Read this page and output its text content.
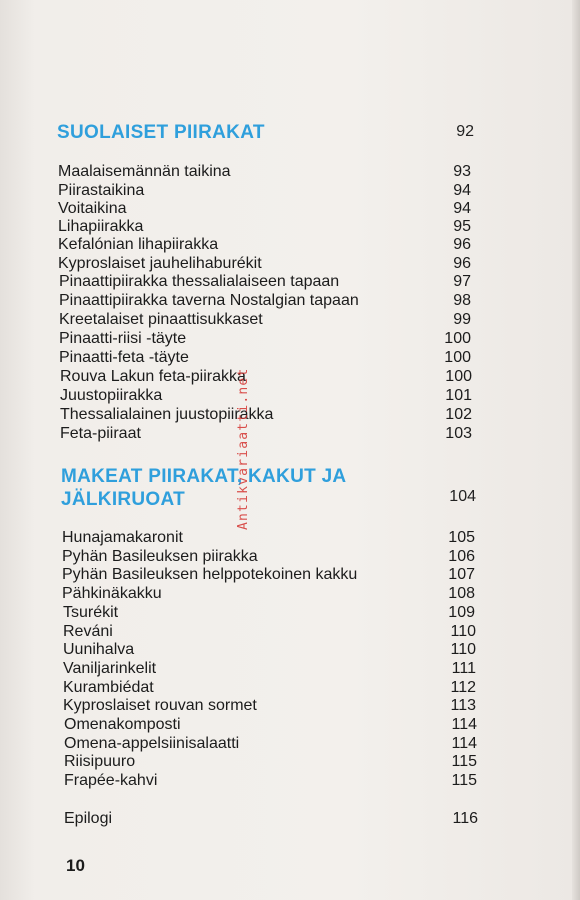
SUOLAISET PIIRAKAT	92
Maalaisemännän taikina	93
Piirastaikina	94
Voitaikina	94
Lihapiirakka	95
Kefalónian lihapiirakka	96
Kyproslaiset jauhelihaburékit	96
Pinaattipiirakka thessalialaiseen tapaan	97
Pinaattipiirakka taverna Nostalgian tapaan	98
Kreetalaiset pinaattisukkaset	99
Pinaatti-riisi -täyte	100
Pinaatti-feta -täyte	100
Rouva Lakun feta-piirakka	100
Juustopiirakka	101
Thessalialainen juustopiirakka	102
Feta-piiraat	103
MAKEAT PIIRAKAT, KAKUT JA
JÄLKIRUOAT	104
Hunajamakaronit	105
Pyhän Basileuksen piirakka	106
Pyhän Basileuksen helppotekoinen kakku	107
Pähkinäkakku	108
Tsurékit	109
Reváni	110
Uunihalva	110
Vaniljarinkelit	111
Kurambiédat	112
Kyproslaiset rouvan sormet	113
Omenakomposti	114
Omena-appelsiinisalaatti	114
Riisipuuro	115
Frapée-kahvi	115
Epilogi	116
10
Antikvariaatti.net
